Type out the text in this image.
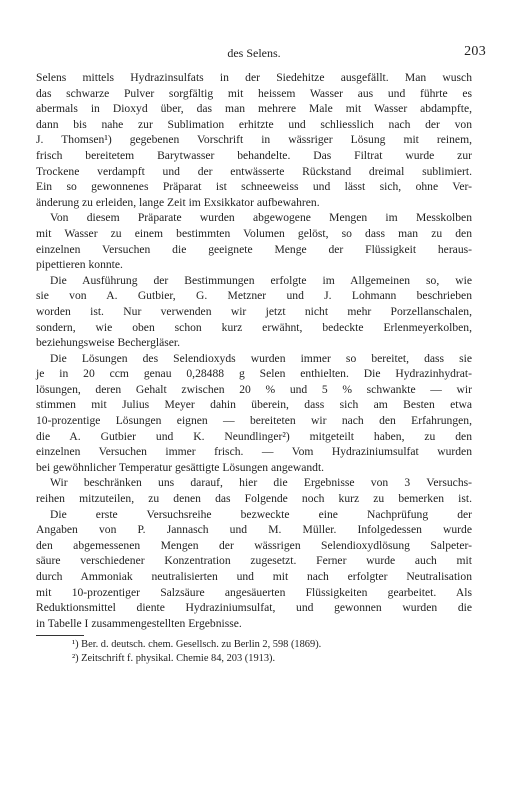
des Selens.	203
Selens mittels Hydrazinsulfats in der Siedehitze ausgefällt. Man wusch
das schwarze Pulver sorgfältig mit heissem Wasser aus und führte es
abermals in Dioxyd über, das man mehrere Male mit Wasser abdampfte,
dann bis nahe zur Sublimation erhitzte und schliesslich nach der von
J. Thomsen¹) gegebenen Vorschrift in wässriger Lösung mit reinem,
frisch bereitetem Barytwasser behandelte. Das Filtrat wurde zur
Trockene verdampft und der entwässerte Rückstand dreimal sublimiert.
Ein so gewonnenes Präparat ist schneeweiss und lässt sich, ohne Ver-
änderung zu erleiden, lange Zeit im Exsikkator aufbewahren.
Von diesem Präparate wurden abgewogene Mengen im Messkolben
mit Wasser zu einem bestimmten Volumen gelöst, so dass man zu den
einzelnen Versuchen die geeignete Menge der Flüssigkeit heraus-
pipettieren konnte.
Die Ausführung der Bestimmungen erfolgte im Allgemeinen so, wie
sie von A. Gutbier, G. Metzner und J. Lohmann beschrieben
worden ist. Nur verwenden wir jetzt nicht mehr Porzellanschalen,
sondern, wie oben schon kurz erwähnt, bedeckte Erlenmeyerkolben,
beziehungsweise Bechergläser.
Die Lösungen des Selendioxyds wurden immer so bereitet, dass sie
je in 20 ccm genau 0,28488 g Selen enthielten. Die Hydrazinhydrat-
lösungen, deren Gehalt zwischen 20 % und 5 % schwankte — wir
stimmen mit Julius Meyer dahin überein, dass sich am Besten etwa
10-prozentige Lösungen eignen — bereiteten wir nach den Erfahrungen,
die A. Gutbier und K. Neundlinger²) mitgeteilt haben, zu den
einzelnen Versuchen immer frisch. — Vom Hydraziniumsulfat wurden
bei gewöhnlicher Temperatur gesättigte Lösungen angewandt.
Wir beschränken uns darauf, hier die Ergebnisse von 3 Versuchs-
reihen mitzuteilen, zu denen das Folgende noch kurz zu bemerken ist.
Die erste Versuchsreihe bezweckte eine Nachprüfung der
Angaben von P. Jannasch und M. Müller. Infolgedessen wurde
den abgemessenen Mengen der wässrigen Selendioxydlösung Salpeter-
säure verschiedener Konzentration zugesetzt. Ferner wurde auch mit
durch Ammoniak neutralisierten und mit nach erfolgter Neutralisation
mit 10-prozentiger Salzsäure angesäuerten Flüssigkeiten gearbeitet. Als
Reduktionsmittel diente Hydraziniumsulfat, und gewonnen wurden die
in Tabelle I zusammengestellten Ergebnisse.
¹) Ber. d. deutsch. chem. Gesellsch. zu Berlin 2, 598 (1869).
²) Zeitschrift f. physikal. Chemie 84, 203 (1913).
